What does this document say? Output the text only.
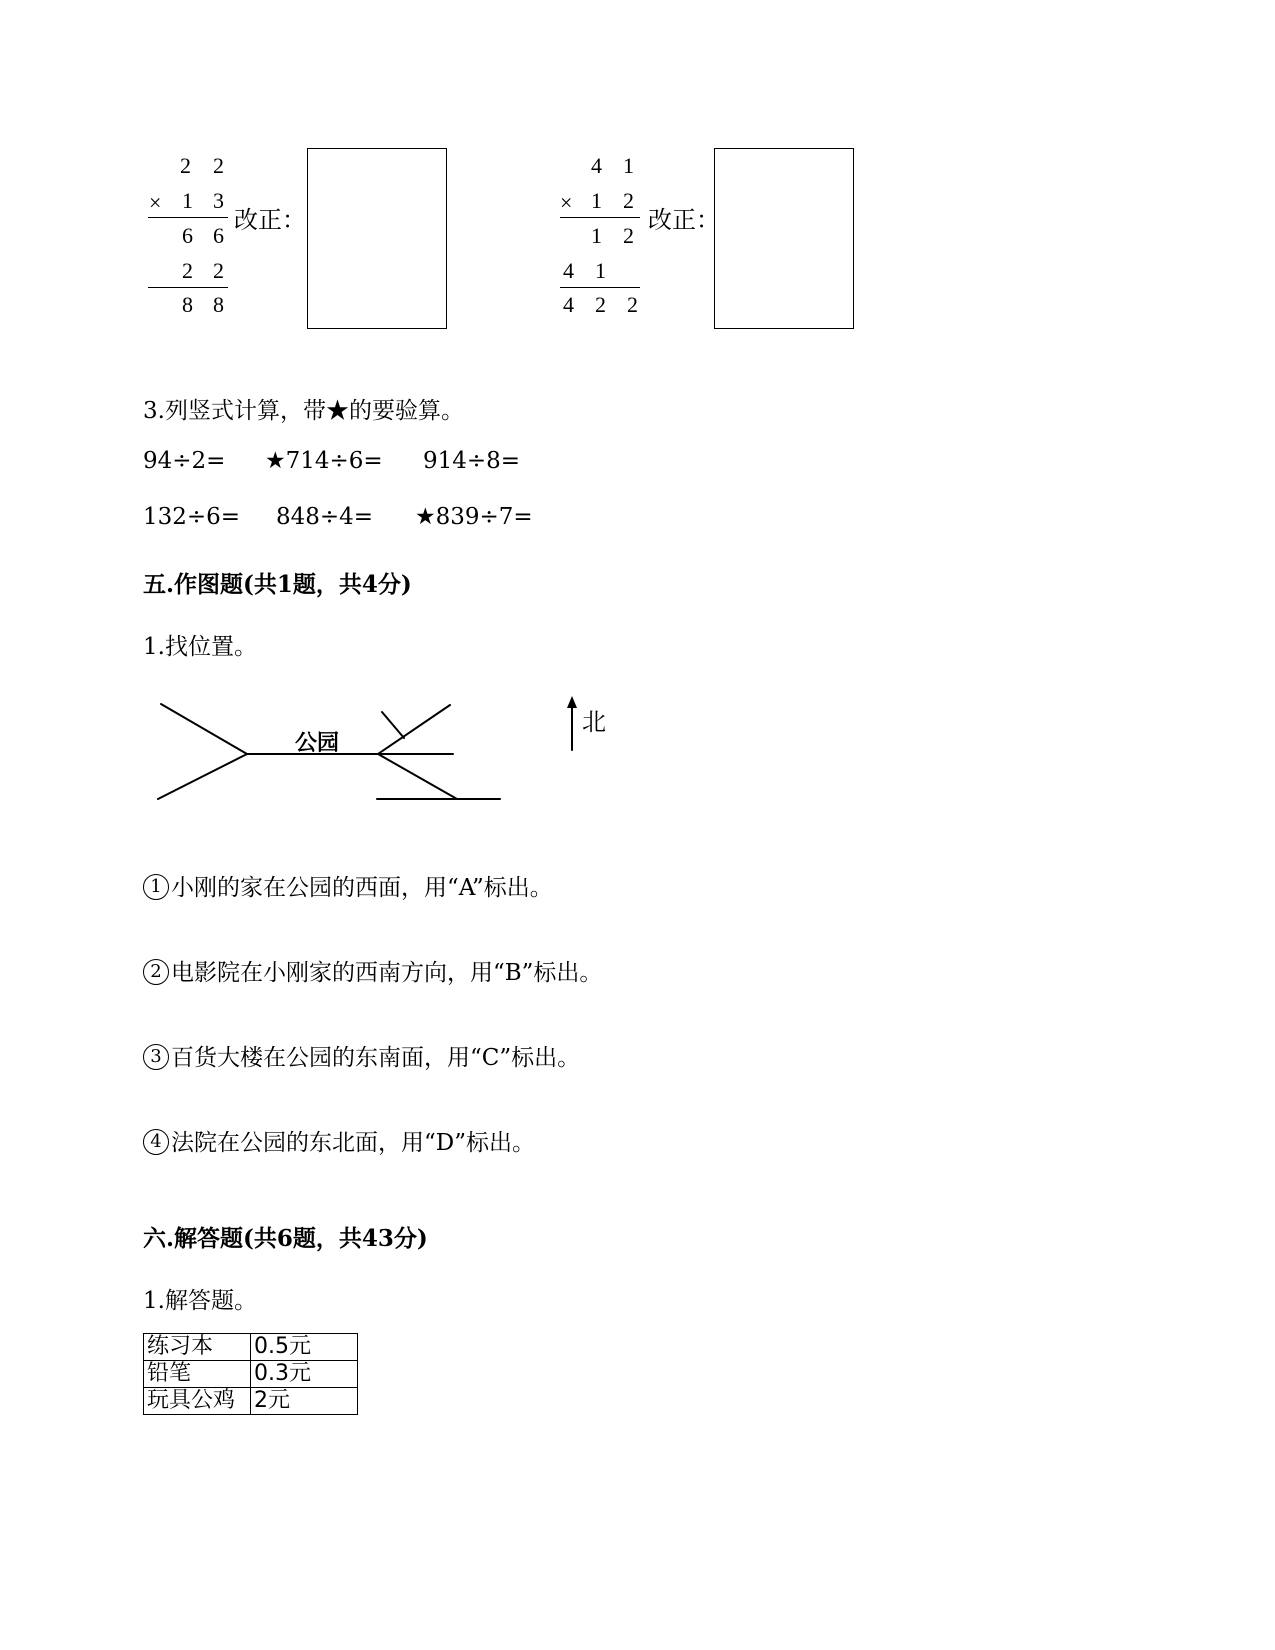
2 2
× 1 3
6 6
2 2
8 8
改正：
4 1
× 1 2
1 2
4 1
4 2 2
改正：
3.列竖式计算，带★的要验算。
94÷2= ★714÷6= 914÷8=
132÷6= 848÷4= ★839÷7=
五.作图题(共1题，共4分)
1.找位置。
公园
北
1 小刚的家在公园的西面，用“A”标出。
2 电影院在小刚家的西南方向，用“B”标出。
3 百货大楼在公园的东南面，用“C”标出。
4 法院在公园的东北面，用“D”标出。
六.解答题(共6题，共43分)
1.解答题。
练习本	0.5元
铅笔	0.3元
玩具公鸡	2元
